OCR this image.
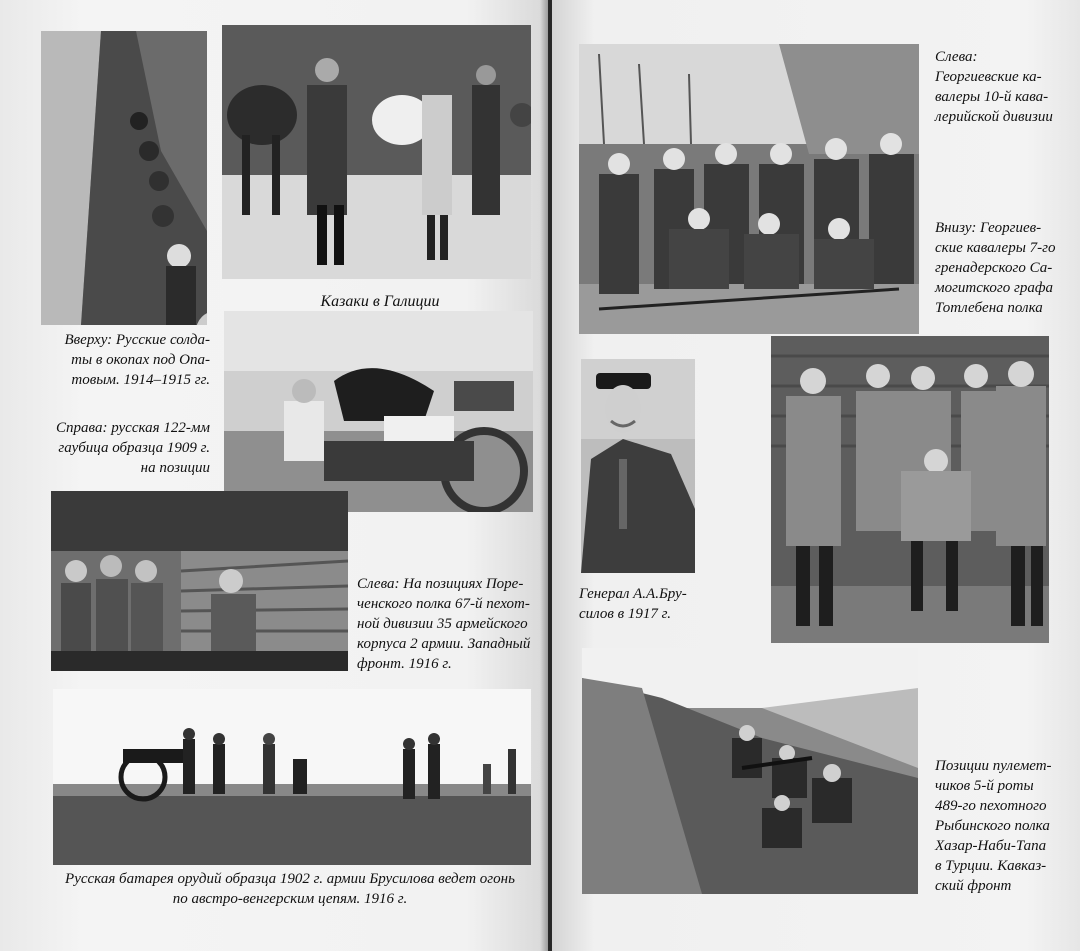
Казаки в Галиции
Вверху: Русские солда-
ты в окопах под Опа-
товым. 1914–1915 гг.
Справа: русская 122-мм
гаубица образца 1909 г.
на позиции
Слева: На позициях Поре-
ченского полка 67-й пехот-
ной дивизии 35 армейского
корпуса 2 армии. Западный
фронт. 1916 г.
Русская батарея орудий образца 1902 г. армии Брусилова ведет огонь
по австро-венгерским цепям. 1916 г.
Слева:
Георгиевские ка-
валеры 10-й кава-
лерийской дивизии
Внизу: Георгиев-
ские кавалеры 7-го
гренадерского Са-
могитского графа
Тотлебена полка
Генерал А.А.Бру-
силов в 1917 г.
Позиции пулемет-
чиков 5-й роты
489-го пехотного
Рыбинского полка
Хазар-Наби-Тапа
в Турции. Кавказ-
ский фронт
